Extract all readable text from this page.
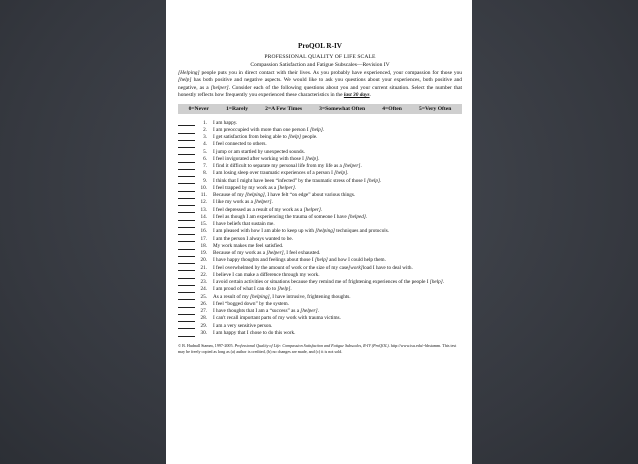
ProQOL R-IV
PROFESSIONAL QUALITY OF LIFE SCALE
Compassion Satisfaction and Fatigue Subscales—Revision IV
[Helping] people puts you in direct contact with their lives. As you probably have experienced, your compassion for those you [help] has both positive and negative aspects. We would like to ask you questions about your experiences, both positive and negative, as a [helper]. Consider each of the following questions about you and your current situation. Select the number that honestly reflects how frequently you experienced these characteristics in the last 30 days.
0=Never	1=Rarely	2=A Few Times	3=Somewhat Often	4=Often	5=Very Often
1. I am happy.
2. I am preoccupied with more than one person I [help].
3. I get satisfaction from being able to [help] people.
4. I feel connected to others.
5. I jump or am startled by unexpected sounds.
6. I feel invigorated after working with those I [help].
7. I find it difficult to separate my personal life from my life as a [helper].
8. I am losing sleep over traumatic experiences of a person I [help].
9. I think that I might have been “infected” by the traumatic stress of those I [help].
10. I feel trapped by my work as a [helper].
11. Because of my [helping], I have felt “on edge” about various things.
12. I like my work as a [helper].
13. I feel depressed as a result of my work as a [helper].
14. I feel as though I am experiencing the trauma of someone I have [helped].
15. I have beliefs that sustain me.
16. I am pleased with how I am able to keep up with [helping] techniques and protocols.
17. I am the person I always wanted to be.
18. My work makes me feel satisfied.
19. Because of my work as a [helper], I feel exhausted.
20. I have happy thoughts and feelings about those I [help] and how I could help them.
21. I feel overwhelmed by the amount of work or the size of my case[work]load I have to deal with.
22. I believe I can make a difference through my work.
23. I avoid certain activities or situations because they remind me of frightening experiences of the people I [help].
24. I am proud of what I can do to [help].
25. As a result of my [helping], I have intrusive, frightening thoughts.
26. I feel “bogged down” by the system.
27. I have thoughts that I am a “success” as a [helper].
28. I can't recall important parts of my work with trauma victims.
29. I am a very sensitive person.
30. I am happy that I chose to do this work.
© B. Hudnall Stamm, 1997-2005. Professional Quality of Life: Compassion Satisfaction and Fatigue Subscales, R-IV (ProQOL). http://www.isu.edu/~bhstamm. This test may be freely copied as long as (a) author is credited, (b) no changes are made, and (c) it is not sold.
